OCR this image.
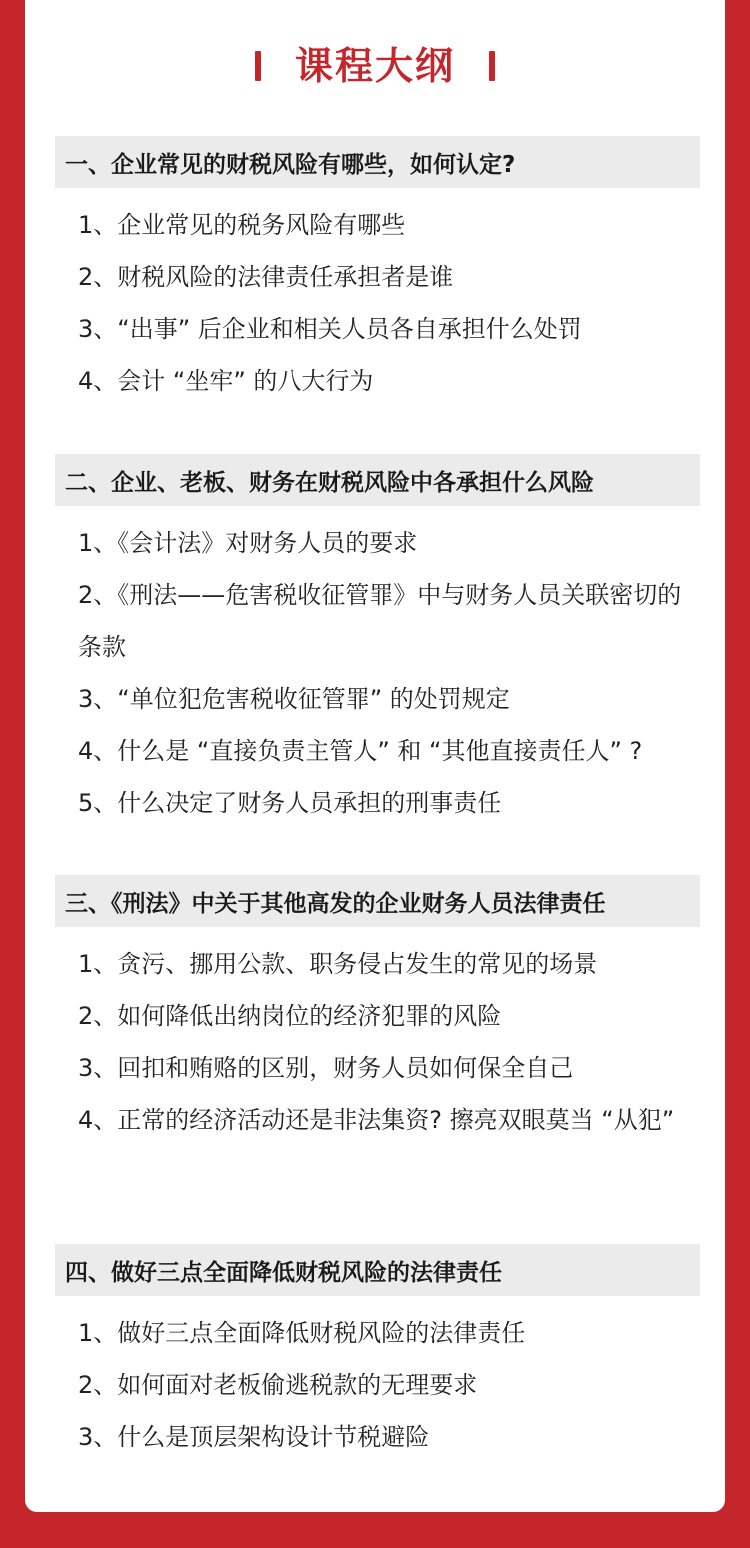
课程大纲
一、企业常见的财税风险有哪些，如何认定?
1、企业常见的税务风险有哪些
2、财税风险的法律责任承担者是谁
3、“出事” 后企业和相关人员各自承担什么处罚
4、会计 “坐牢” 的八大行为
二、企业、老板、财务在财税风险中各承担什么风险
1、《会计法》对财务人员的要求
2、《刑法——危害税收征管罪》中与财务人员关联密切的条款
3、“单位犯危害税收征管罪” 的处罚规定
4、什么是 “直接负责主管人” 和 “其他直接责任人” ?
5、什么决定了财务人员承担的刑事责任
三、《刑法》中关于其他高发的企业财务人员法律责任
1、贪污、挪用公款、职务侵占发生的常见的场景
2、如何降低出纳岗位的经济犯罪的风险
3、回扣和贿赂的区别，财务人员如何保全自己
4、正常的经济活动还是非法集资? 擦亮双眼莫当 “从犯”
四、做好三点全面降低财税风险的法律责任
1、做好三点全面降低财税风险的法律责任
2、如何面对老板偷逃税款的无理要求
3、什么是顶层架构设计节税避险
